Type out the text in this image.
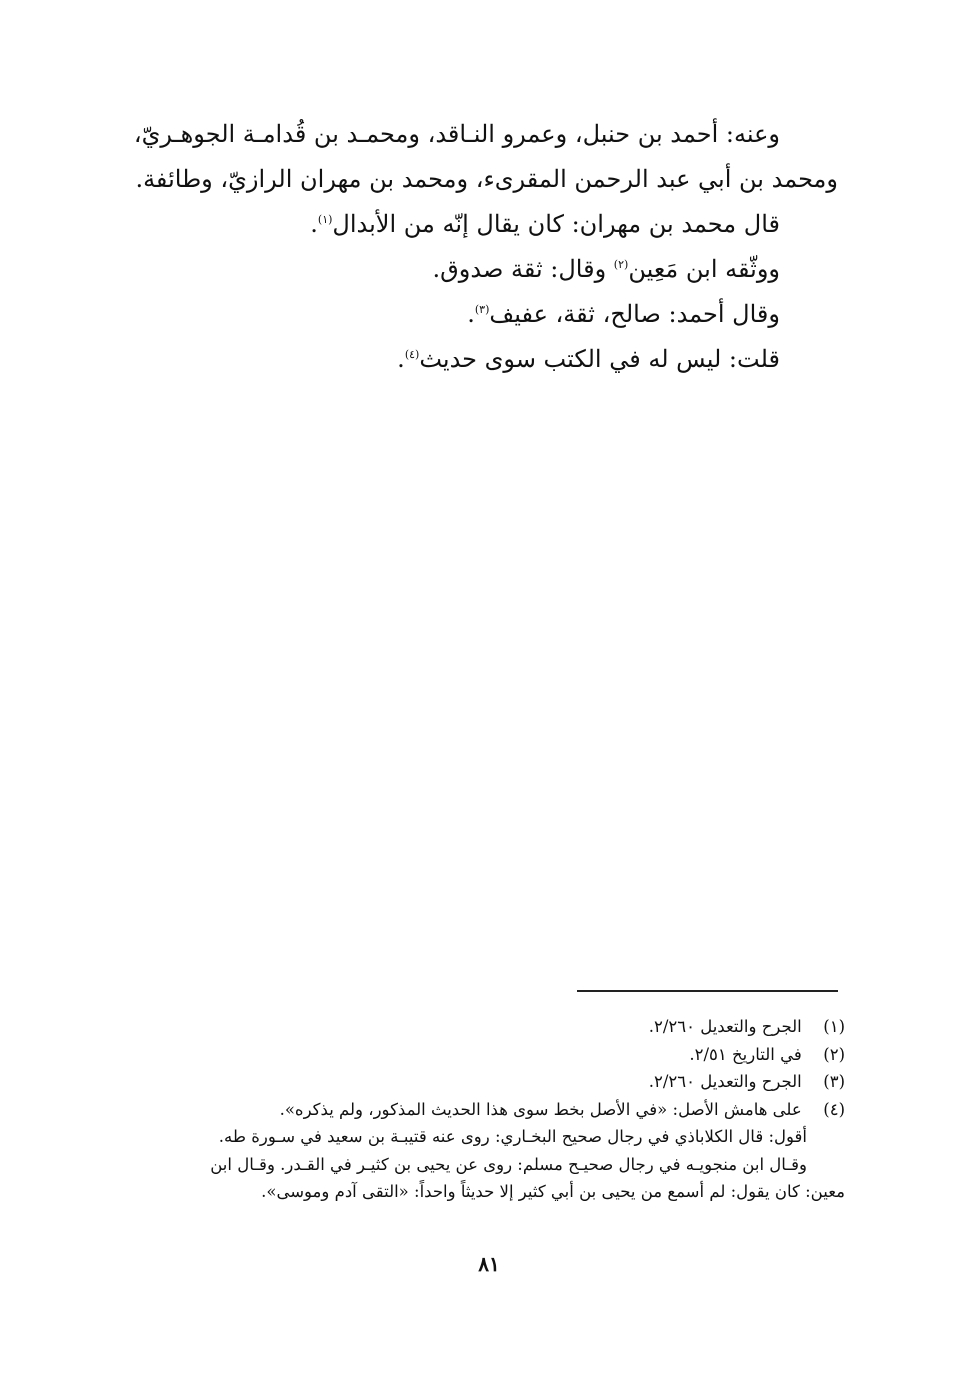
وعنه: أحمد بن حنبل، وعمرو النـاقد، ومحمـد بن قُدامـة الجوهـريّ،

ومحمد بن أبي عبد الرحمن المقرىء، ومحمد بن مهران الرازيّ، وطائفة.

قال محمد بن مهران: كان يقال إنّه من الأبدال$^{(١)}$.

ووثّقه ابن مَعِين$^{(٢)}$ وقال: ثقة صدوق.

وقال أحمد: صالح، ثقة، عفيف$^{(٣)}$.

قلت: ليس له في الكتب سوى حديث$^{(٤)}$.

(١) الجرح والتعديل ٢/٢٦٠.

(٢) في التاريخ ٢/٥١.

(٣) الجرح والتعديل ٢/٢٦٠.

(٤) على هامش الأصل: «في الأصل بخط سوى هذا الحديث المذكور، ولم يذكره».

أقول: قال الكلاباذي في رجال صحيح البخـاري: روى عنه قتيبـة بن سعيد في سـورة طه.

وقـال ابن منجويـه في رجال صحيـح مسلم: روى عن يحيى بن كثيـر في القـدر. وقـال ابن

معين: كان يقول: لم أسمع من يحيى بن أبي كثير إلا حديثاً واحداً: «التقى آدم وموسى».

٨١
